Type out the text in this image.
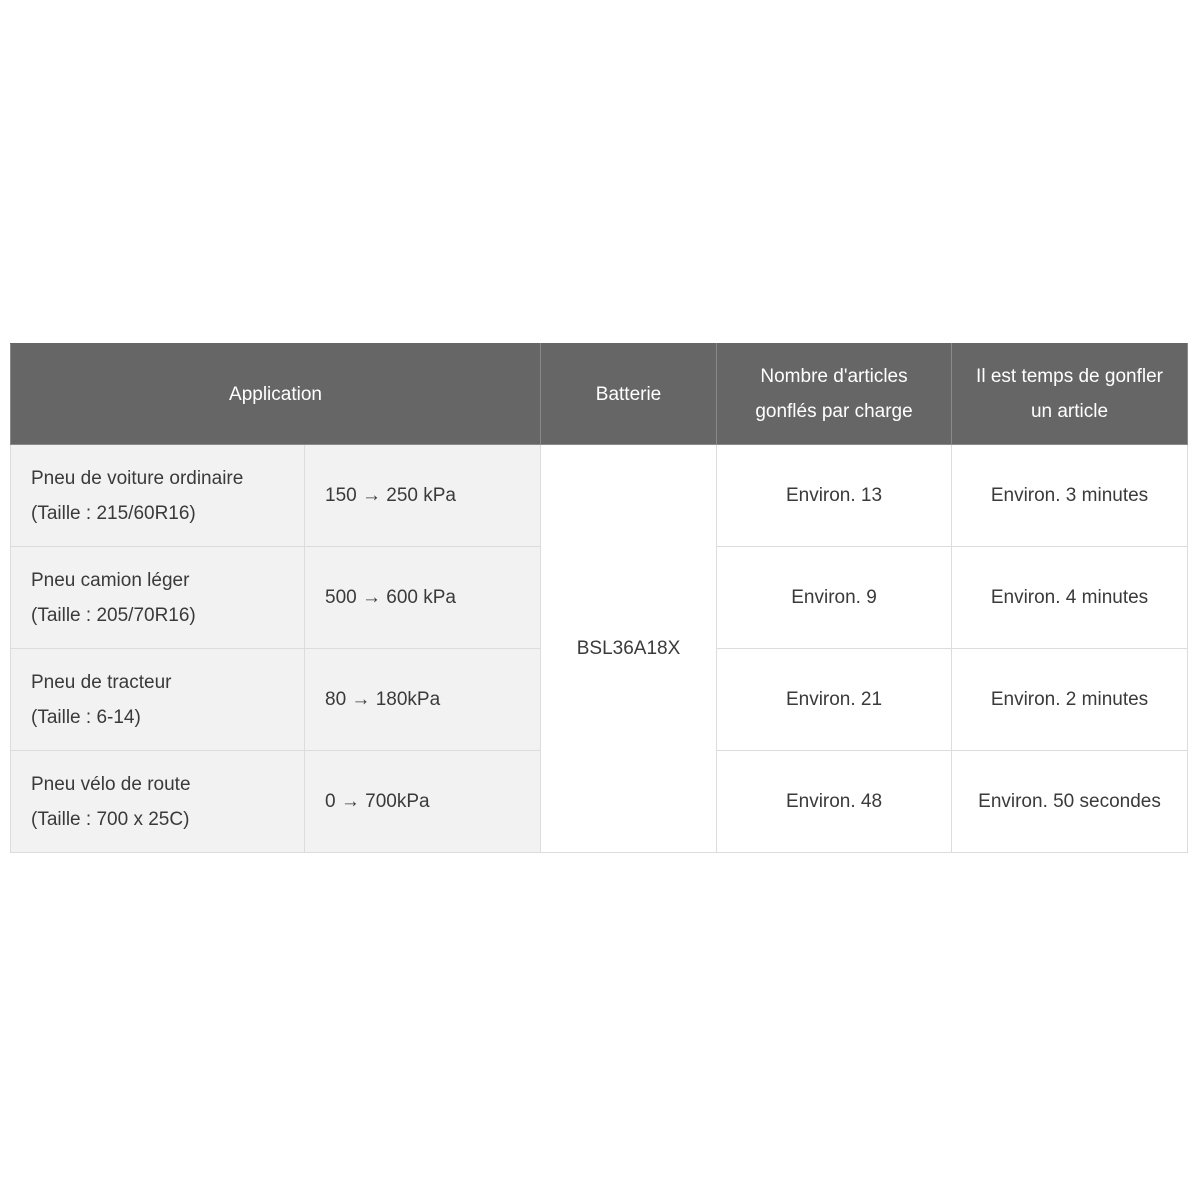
Application		Batterie	Nombre d'articles gonflés par charge	Il est temps de gonfler un article

Pneu de voiture ordinaire
(Taille : 215/60R16)	150 → 250 kPa	BSL36A18X	Environ. 13	Environ. 3 minutes

Pneu camion léger
(Taille : 205/70R16)	500 → 600 kPa		Environ. 9	Environ. 4 minutes

Pneu de tracteur
(Taille : 6-14)	80 → 180kPa		Environ. 21	Environ. 2 minutes

Pneu vélo de route
(Taille : 700 x 25C)	0 → 700kPa		Environ. 48	Environ. 50 secondes
